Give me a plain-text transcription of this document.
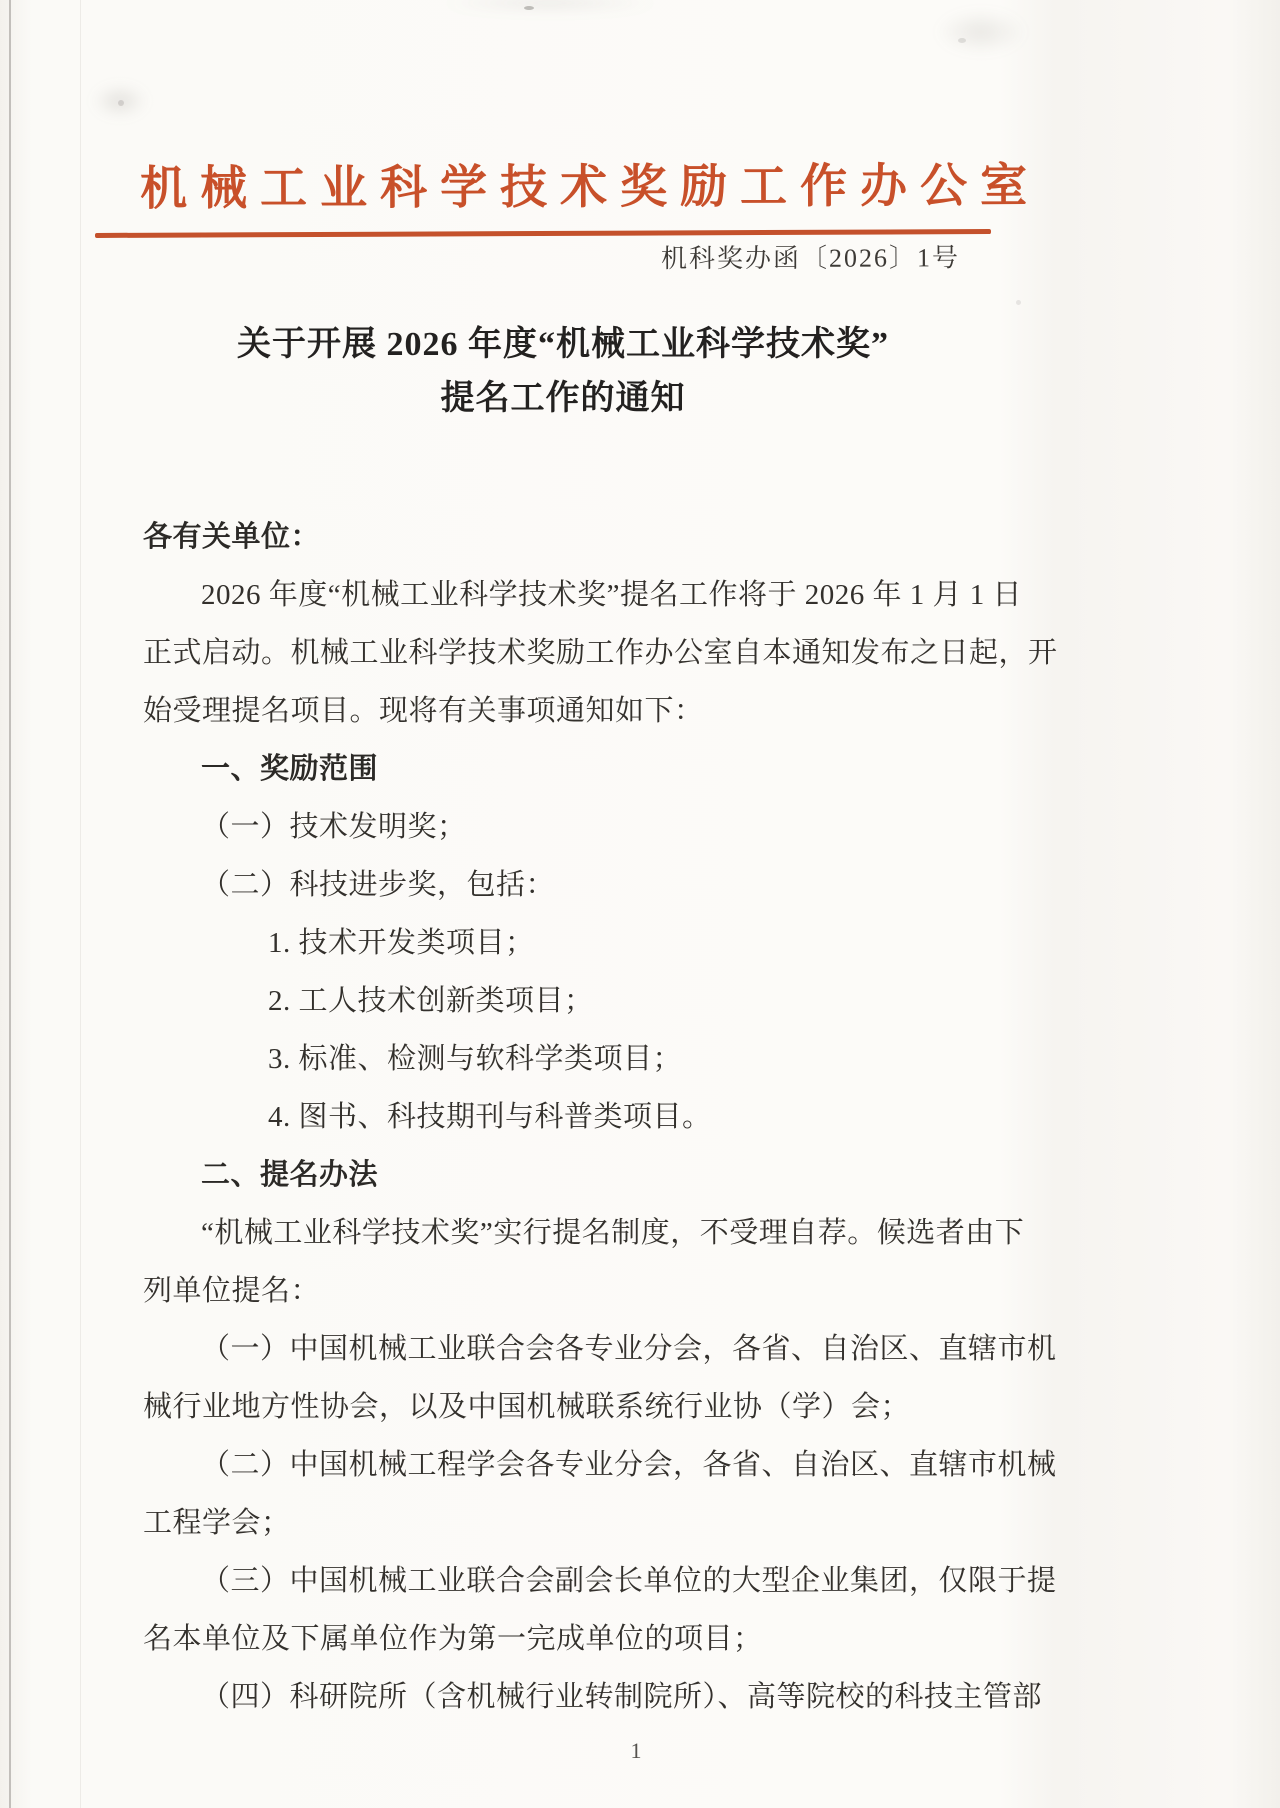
机械工业科学技术奖励工作办公室
机科奖办函〔2026〕1号
关于开展 2026 年度“机械工业科学技术奖”
提名工作的通知
各有关单位：
2026 年度“机械工业科学技术奖”提名工作将于 2026 年 1 月 1 日
正式启动。机械工业科学技术奖励工作办公室自本通知发布之日起，开
始受理提名项目。现将有关事项通知如下：
一、奖励范围
（一）技术发明奖；
（二）科技进步奖，包括：
1. 技术开发类项目；
2. 工人技术创新类项目；
3. 标准、检测与软科学类项目；
4. 图书、科技期刊与科普类项目。
二、提名办法
“机械工业科学技术奖”实行提名制度，不受理自荐。候选者由下
列单位提名：
（一）中国机械工业联合会各专业分会，各省、自治区、直辖市机
械行业地方性协会，以及中国机械联系统行业协（学）会；
（二）中国机械工程学会各专业分会，各省、自治区、直辖市机械
工程学会；
（三）中国机械工业联合会副会长单位的大型企业集团，仅限于提
名本单位及下属单位作为第一完成单位的项目；
（四）科研院所（含机械行业转制院所）、高等院校的科技主管部
1
